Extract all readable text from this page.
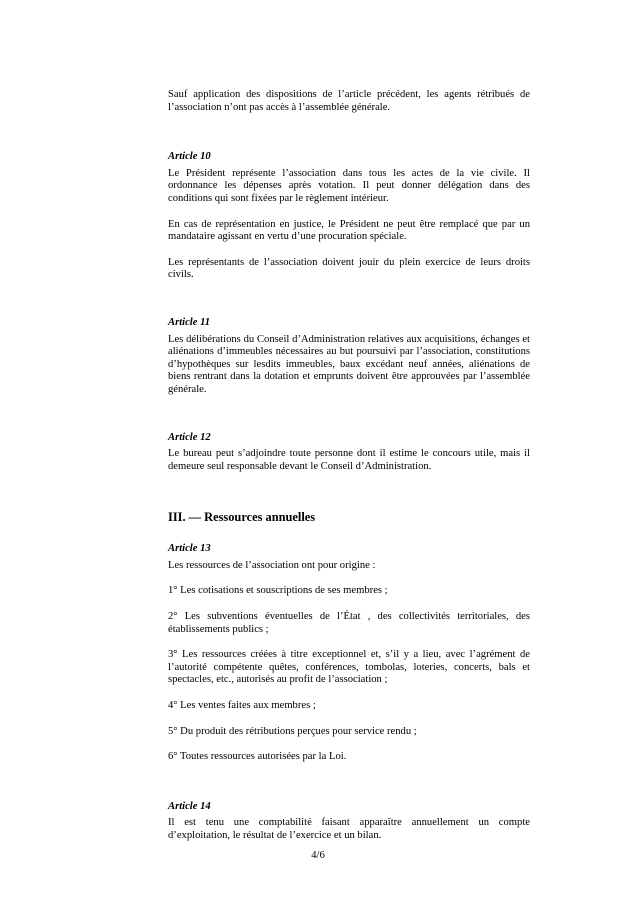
Sauf application des dispositions de l’article précédent, les agents rétribués de l’association n’ont pas accès à l’assemblée générale.

Article 10

Le Président représente l’association dans tous les actes de la vie civile. Il ordonnance les dépenses après votation. Il peut donner délégation dans des conditions qui sont fixées par le règlement intérieur.

En cas de représentation en justice, le Président ne peut être remplacé que par un mandataire agissant en vertu d’une procuration spéciale.

Les représentants de l’association doivent jouir du plein exercice de leurs droits civils.

Article 11

Les délibérations du Conseil d’Administration relatives aux acquisitions, échanges et aliénations d’immeubles nécessaires au but poursuivi par l’association, constitutions d’hypothèques sur lesdits immeubles, baux excédant neuf années, aliénations de biens rentrant dans la dotation et emprunts doivent être approuvées par l’assemblée générale.

Article 12

Le bureau peut s’adjoindre toute personne dont il estime le concours utile, mais il demeure seul responsable devant le Conseil d’Administration.

III. — Ressources annuelles
Article 13

Les ressources de l’association ont pour origine :

1° Les cotisations et souscriptions de ses membres ;

2° Les subventions éventuelles de l’État , des collectivités territoriales, des établissements publics ;

3° Les ressources créées à titre exceptionnel et, s’il y a lieu, avec l’agrément de l’autorité compétente quêtes, conférences, tombolas, loteries, concerts, bals et spectacles, etc., autorisés au profit de l’association ;

4° Les ventes faites aux membres ;

5° Du produit des rétributions perçues pour service rendu ;

6° Toutes ressources autorisées par la Loi.

Article 14

Il est tenu une comptabilité faisant apparaître annuellement un compte d’exploitation, le résultat de l’exercice et un bilan.

4/6
